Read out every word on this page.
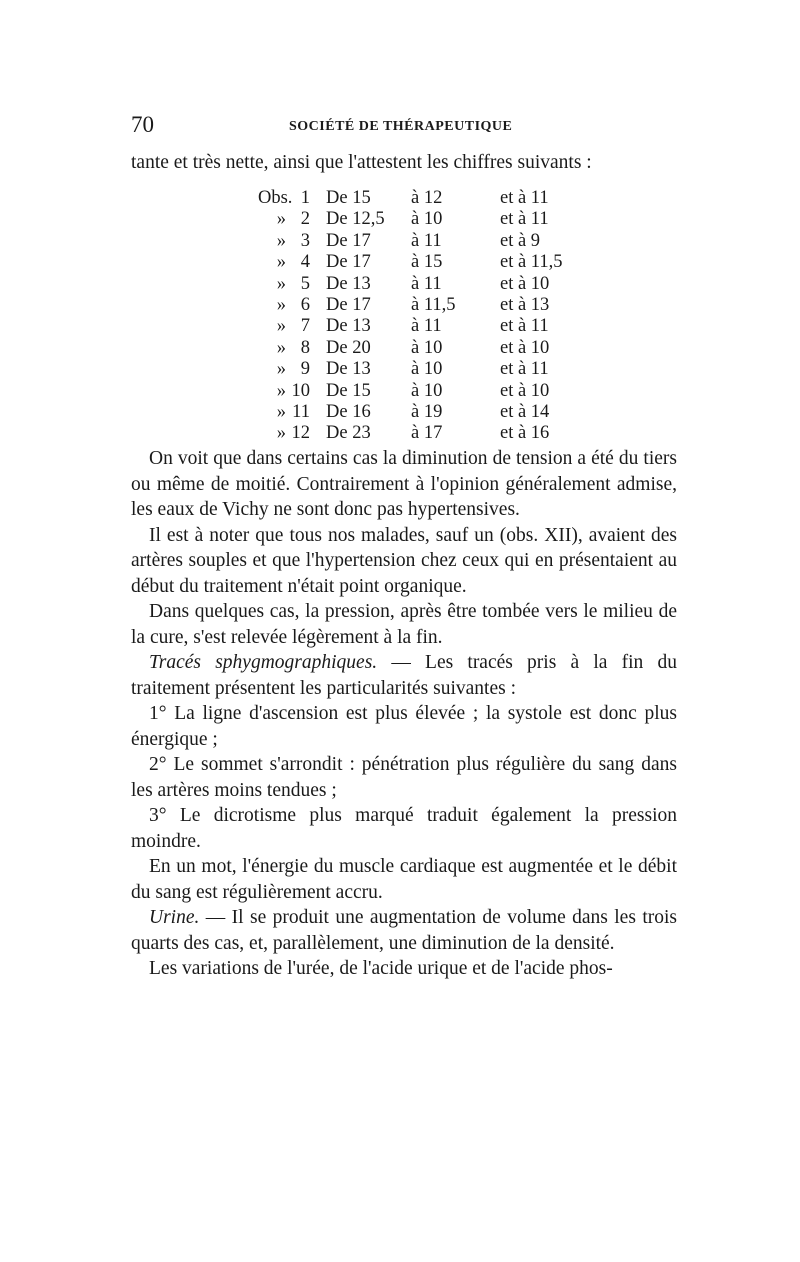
70	SOCIÉTÉ DE THÉRAPEUTIQUE
tante et très nette, ainsi que l'attestent les chiffres suivants :
Obs. 1 De 15 à 12	et à 11
» 2 De 12,5 à 10	et à 11
» 3 De 17 à 11	et à 9
» 4 De 17 à 15	et à 11,5
» 5 De 13 à 11	et à 10
» 6 De 17 à 11,5 et à 13
» 7 De 13 à 11	et à 11
» 8 De 20 à 10	et à 10
» 9 De 13 à 10	et à 11
» 10 De 15 à 10	et à 10
» 11 De 16 à 19	et à 14
» 12 De 23 à 17	et à 16

On voit que dans certains cas la diminution de tension a été du tiers ou même de moitié. Contrairement à l'opinion généralement admise, les eaux de Vichy ne sont donc pas hypertensives.

Il est à noter que tous nos malades, sauf un (obs. XII), avaient des artères souples et que l'hypertension chez ceux qui en présentaient au début du traitement n'était point organique.

Dans quelques cas, la pression, après être tombée vers le milieu de la cure, s'est relevée légèrement à la fin.

Tracés sphygmographiques. — Les tracés pris à la fin du traitement présentent les particularités suivantes :

1° La ligne d'ascension est plus élevée ; la systole est donc plus énergique ;

2° Le sommet s'arrondit : pénétration plus régulière du sang dans les artères moins tendues ;

3° Le dicrotisme plus marqué traduit également la pression moindre.

En un mot, l'énergie du muscle cardiaque est augmentée et le débit du sang est régulièrement accru.

Urine. — Il se produit une augmentation de volume dans les trois quarts des cas, et, parallèlement, une diminution de la densité.

Les variations de l'urée, de l'acide urique et de l'acide phos-
